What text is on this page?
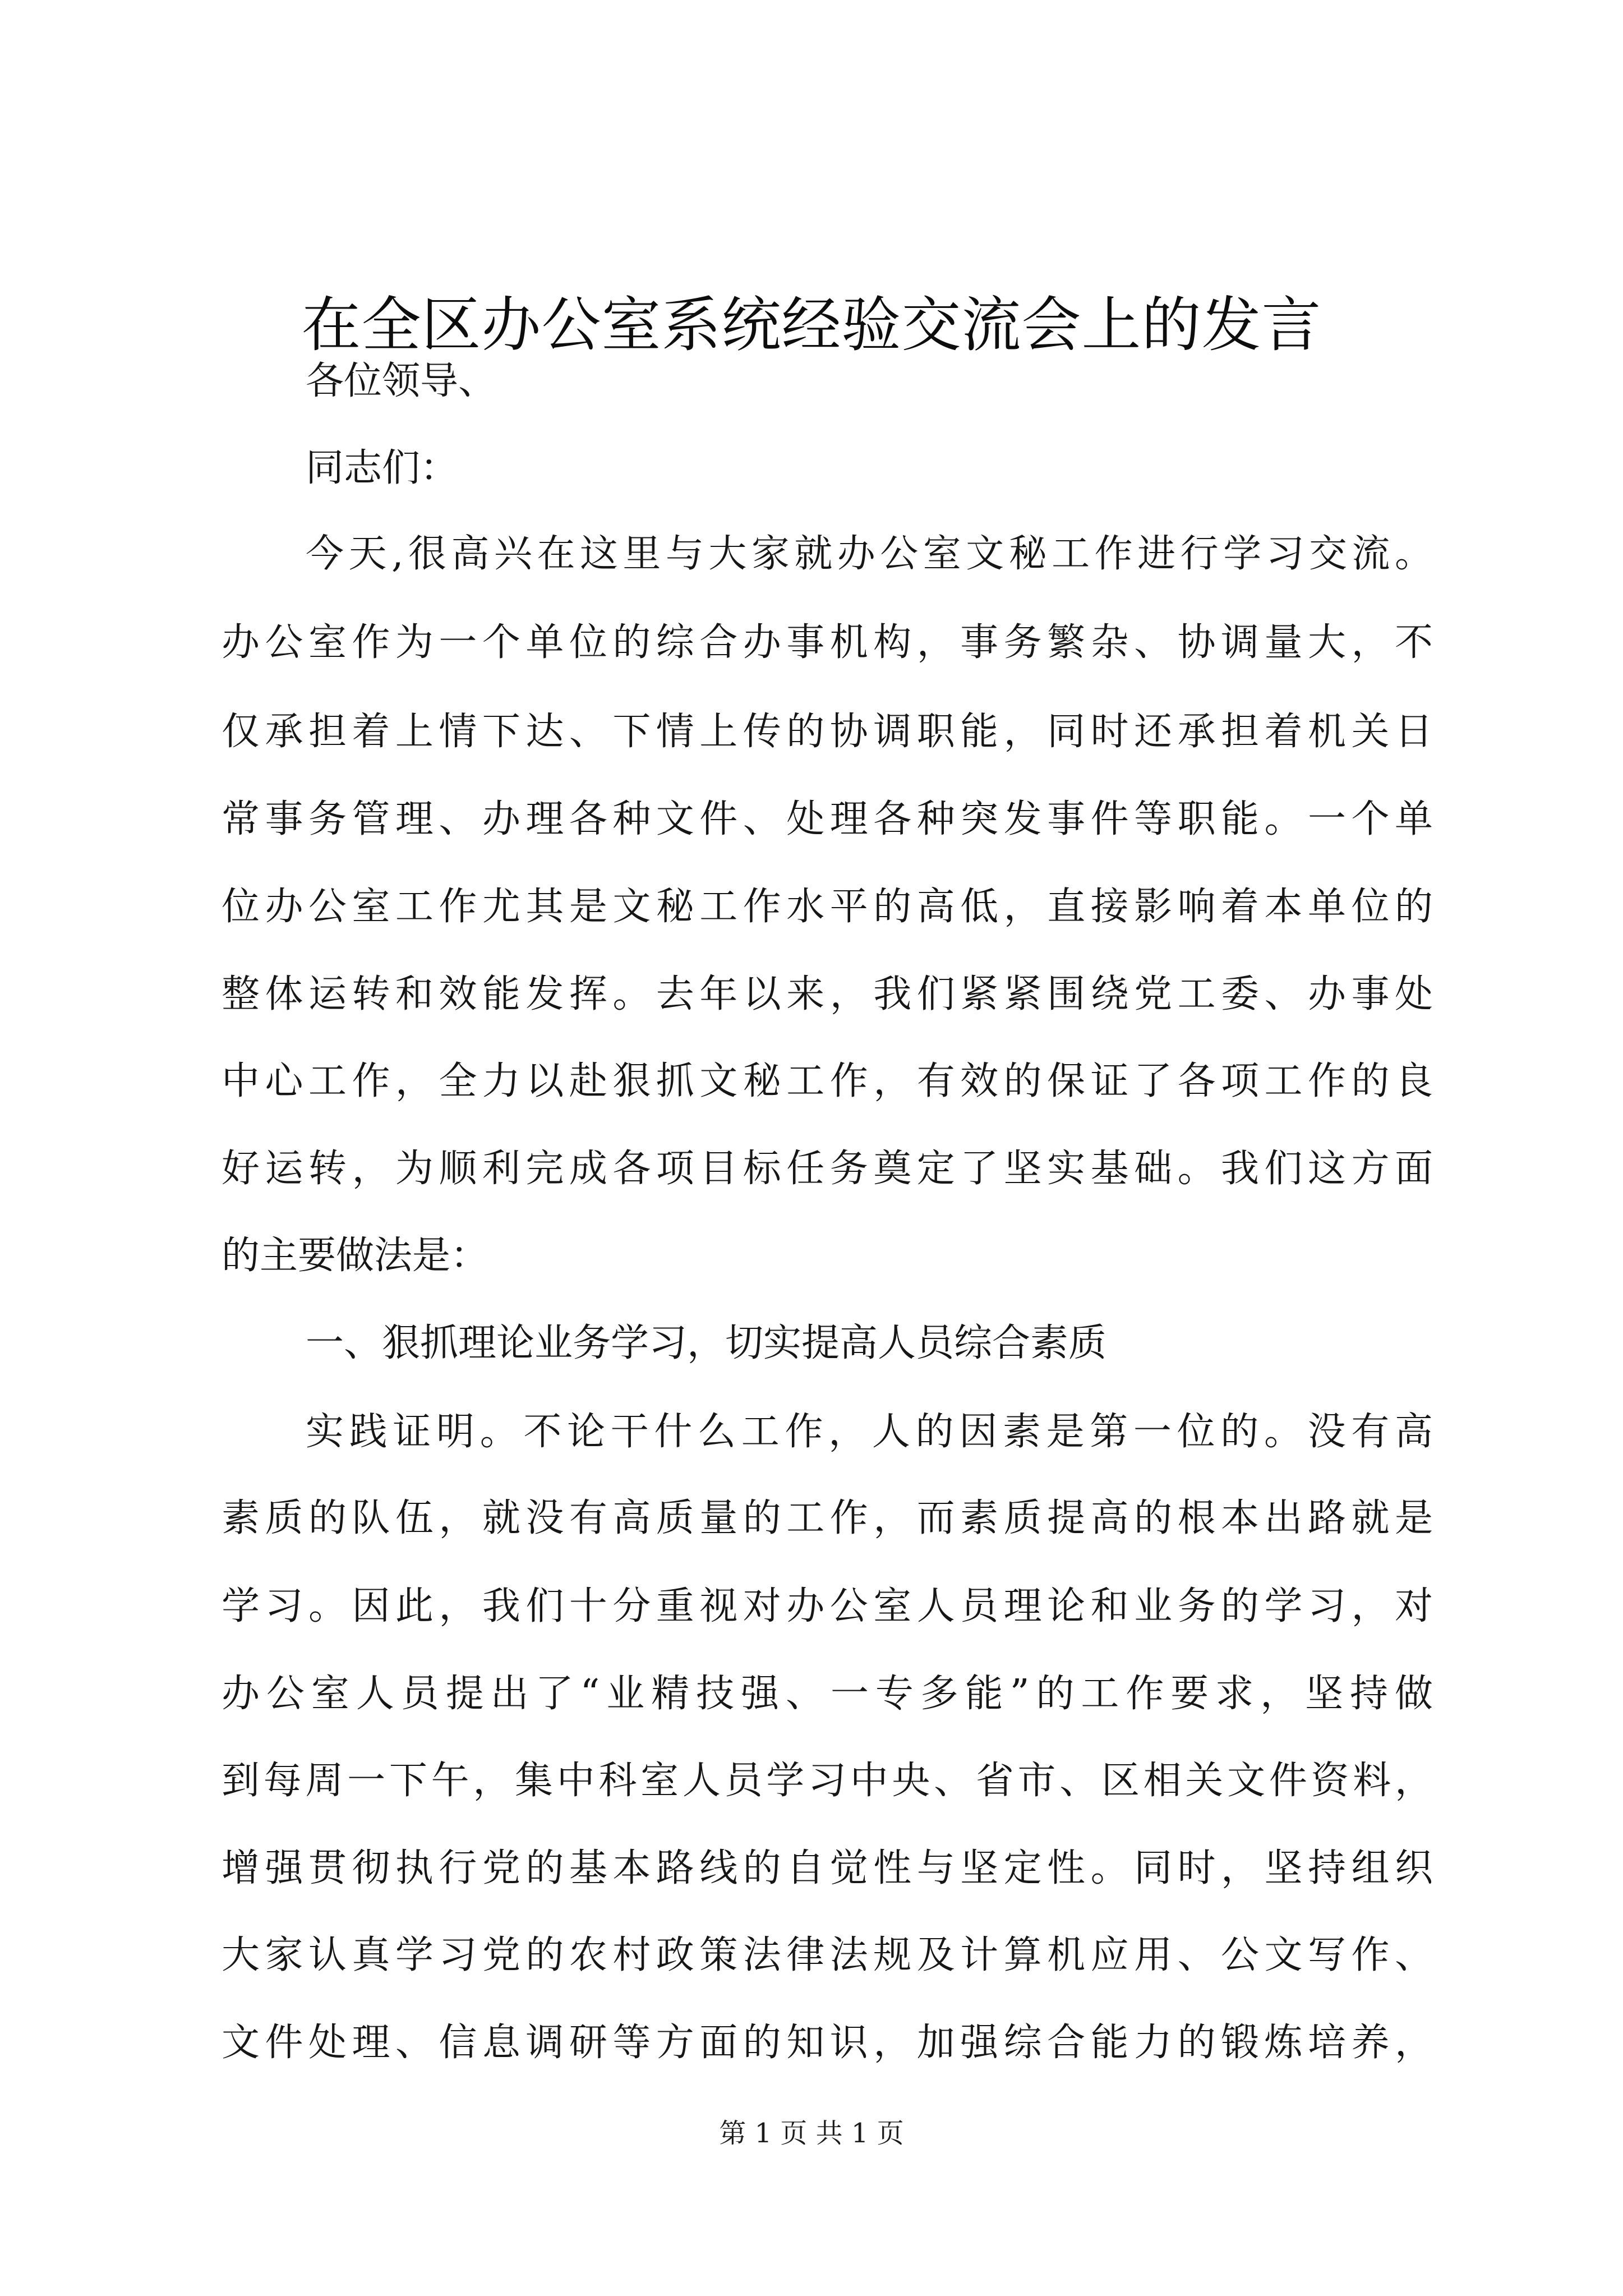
在全区办公室系统经验交流会上的发言

各位领导、

同志们：

今天,很高兴在这里与大家就办公室文秘工作进行学习交流。

办公室作为一个单位的综合办事机构，事务繁杂、协调量大，不

仅承担着上情下达、下情上传的协调职能，同时还承担着机关日

常事务管理、办理各种文件、处理各种突发事件等职能。一个单

位办公室工作尤其是文秘工作水平的高低，直接影响着本单位的

整体运转和效能发挥。去年以来，我们紧紧围绕党工委、办事处

中心工作，全力以赴狠抓文秘工作，有效的保证了各项工作的良

好运转，为顺利完成各项目标任务奠定了坚实基础。我们这方面

的主要做法是：

一、狠抓理论业务学习，切实提高人员综合素质

实践证明。不论干什么工作，人的因素是第一位的。没有高

素质的队伍，就没有高质量的工作，而素质提高的根本出路就是

学习。因此，我们十分重视对办公室人员理论和业务的学习，对

办公室人员提出了“业精技强、一专多能”的工作要求，坚持做

到每周一下午，集中科室人员学习中央、省市、区相关文件资料，

增强贯彻执行党的基本路线的自觉性与坚定性。同时，坚持组织

大家认真学习党的农村政策法律法规及计算机应用、公文写作、

文件处理、信息调研等方面的知识，加强综合能力的锻炼培养，

第 1 页 共 1 页
